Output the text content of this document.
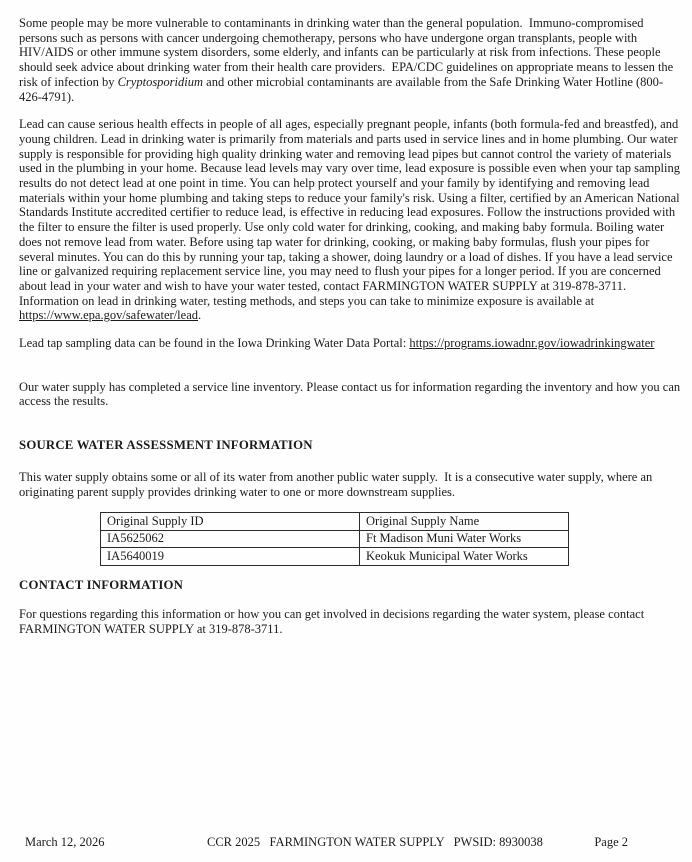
Some people may be more vulnerable to contaminants in drinking water than the general population.  Immuno-compromised persons such as persons with cancer undergoing chemotherapy, persons who have undergone organ transplants, people with HIV/AIDS or other immune system disorders, some elderly, and infants can be particularly at risk from infections. These people should seek advice about drinking water from their health care providers.  EPA/CDC guidelines on appropriate means to lessen the risk of infection by Cryptosporidium and other microbial contaminants are available from the Safe Drinking Water Hotline (800-426-4791).

Lead can cause serious health effects in people of all ages, especially pregnant people, infants (both formula-fed and breastfed), and young children. Lead in drinking water is primarily from materials and parts used in service lines and in home plumbing. Our water supply is responsible for providing high quality drinking water and removing lead pipes but cannot control the variety of materials used in the plumbing in your home. Because lead levels may vary over time, lead exposure is possible even when your tap sampling results do not detect lead at one point in time. You can help protect yourself and your family by identifying and removing lead materials within your home plumbing and taking steps to reduce your family's risk. Using a filter, certified by an American National Standards Institute accredited certifier to reduce lead, is effective in reducing lead exposures. Follow the instructions provided with the filter to ensure the filter is used properly. Use only cold water for drinking, cooking, and making baby formula. Boiling water does not remove lead from water. Before using tap water for drinking, cooking, or making baby formulas, flush your pipes for several minutes. You can do this by running your tap, taking a shower, doing laundry or a load of dishes. If you have a lead service line or galvanized requiring replacement service line, you may need to flush your pipes for a longer period. If you are concerned about lead in your water and wish to have your water tested, contact FARMINGTON WATER SUPPLY at 319-878-3711. Information on lead in drinking water, testing methods, and steps you can take to minimize exposure is available at https://www.epa.gov/safewater/lead.

Lead tap sampling data can be found in the Iowa Drinking Water Data Portal: https://programs.iowadnr.gov/iowadrinkingwater

Our water supply has completed a service line inventory. Please contact us for information regarding the inventory and how you can access the results.

SOURCE WATER ASSESSMENT INFORMATION

This water supply obtains some or all of its water from another public water supply.  It is a consecutive water supply, where an originating parent supply provides drinking water to one or more downstream supplies.

Original Supply ID	Original Supply Name
IA5625062	Ft Madison Muni Water Works
IA5640019	Keokuk Municipal Water Works
CONTACT INFORMATION

For questions regarding this information or how you can get involved in decisions regarding the water system, please contact FARMINGTON WATER SUPPLY at 319-878-3711.

March 12, 2026	CCR 2025   FARMINGTON WATER SUPPLY   PWSID: 8930038	Page 2
